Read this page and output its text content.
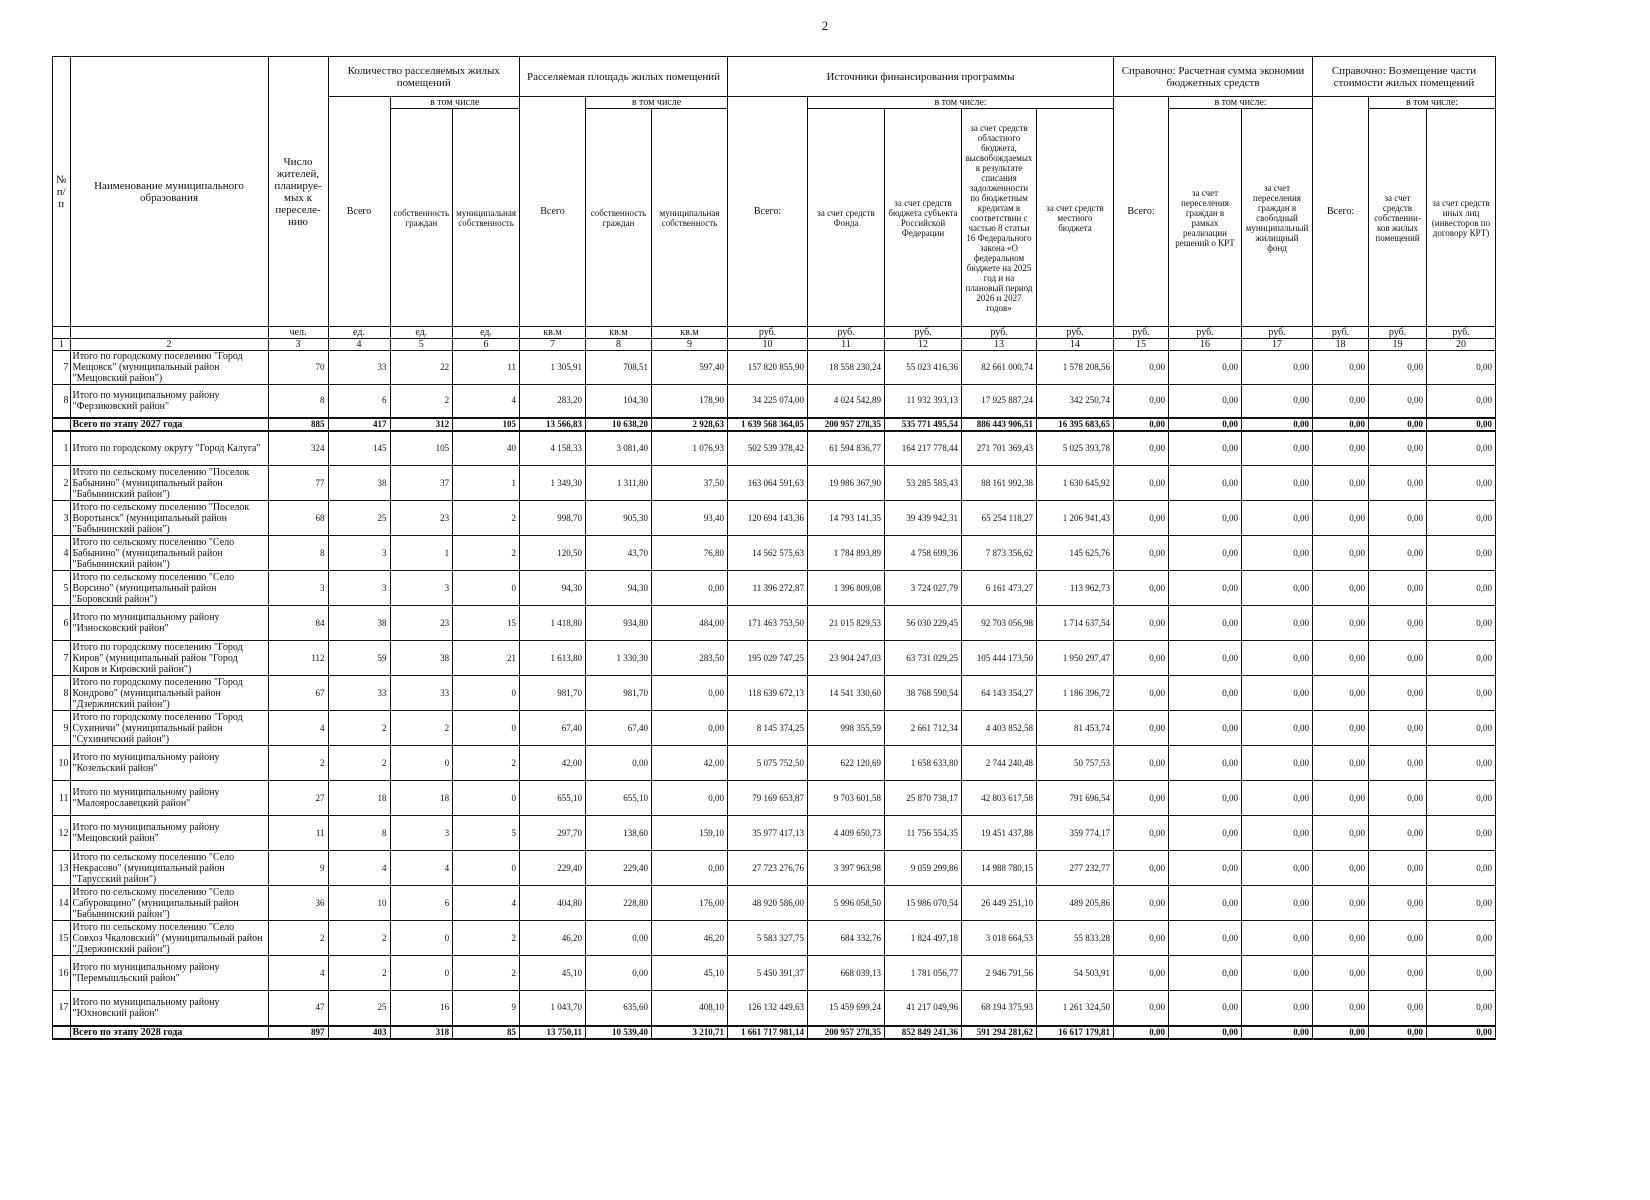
2
№ п/п	Наименование муниципального образования	Число жителей, планируе-мых к переселе-нию	Количество расселяемых жилых помещений			Расселяемая площадь жилых помещений			Источники финансирования программы					Справочно: Расчетная сумма экономии бюджетных средств			Справочно: Возмещение части стоимости жилых помещений		
			Всего	в том числе		Всего	в том числе		Всего:	в том числе:				Всего:	в том числе:		Всего:	в том числе:	
				собственность граждан	муниципальная собственность		собственность граждан	муниципальная собственность		за счет средств Фонда	за счет средств бюджета субъекта Российской Федерации	за счет средств областного бюджета, высвобождаемых в результате списания задолженности по бюджетным кредитам в соответствии с частью 8 статьи 16 Федерального закона «О федеральном бюджете на 2025 год и на плановый период 2026 и 2027 годов»	за счет средств местного бюджета		за счет переселения граждан в рамках реализации решений о КРТ	за счет переселения граждан в свободный муниципальный жилищный фонд		за счет средств собственни-ков жилых помещений	за счет средств иных лиц (инвесторов по договору КРТ)
		чел.	ед.	ед.	ед.	кв.м	кв.м	кв.м	руб.	руб.	руб.	руб.	руб.	руб.	руб.	руб.	руб.	руб.	руб.
1	2	3	4	5	6	7	8	9	10	11	12	13	14	15	16	17	18	19	20
7	Итого по городскому поселению "Город Мещовск" (муниципальный район "Мещовский район")	70	33	22	11	1 305,91	708,51	597,40	157 820 855,90	18 558 230,24	55 023 416,36	82 661 000,74	1 578 208,56	0,00	0,00	0,00	0,00	0,00	0,00
8	Итого по муниципальному району "Ферзиковский район"	8	6	2	4	283,20	104,30	178,90	34 225 074,00	4 024 542,89	11 932 393,13	17 925 887,24	342 250,74	0,00	0,00	0,00	0,00	0,00	0,00
	Всего по этапу 2027 года	885	417	312	105	13 566,83	10 638,20	2 928,63	1 639 568 364,05	200 957 278,35	535 771 495,54	886 443 906,51	16 395 683,65	0,00	0,00	0,00	0,00	0,00	0,00
1	Итого по городскому округу "Город Калуга"	324	145	105	40	4 158,33	3 081,40	1 076,93	502 539 378,42	61 594 836,77	164 217 778,44	271 701 369,43	5 025 393,78	0,00	0,00	0,00	0,00	0,00	0,00
2	Итого по сельскому поселению "Поселок Бабынино" (муниципальный район "Бабынинский район")	77	38	37	1	1 349,30	1 311,80	37,50	163 064 591,63	19 986 367,90	53 285 585,43	88 161 992,38	1 630 645,92	0,00	0,00	0,00	0,00	0,00	0,00
3	Итого по сельскому поселению "Поселок Воротынск" (муниципальный район "Бабынинский район")	68	25	23	2	998,70	905,30	93,40	120 694 143,36	14 793 141,35	39 439 942,31	65 254 118,27	1 206 941,43	0,00	0,00	0,00	0,00	0,00	0,00
4	Итого по сельскому поселению "Село Бабынино" (муниципальный район "Бабынинский район")	8	3	1	2	120,50	43,70	76,80	14 562 575,63	1 784 893,89	4 758 699,36	7 873 356,62	145 625,76	0,00	0,00	0,00	0,00	0,00	0,00
5	Итого по сельскому поселению "Село Ворсино" (муниципальный район "Боровский район")	3	3	3	0	94,30	94,30	0,00	11 396 272,87	1 396 809,08	3 724 027,79	6 161 473,27	113 962,73	0,00	0,00	0,00	0,00	0,00	0,00
6	Итого по муниципальному району "Износковский район"	84	38	23	15	1 418,80	934,80	484,00	171 463 753,50	21 015 829,53	56 030 229,45	92 703 056,98	1 714 637,54	0,00	0,00	0,00	0,00	0,00	0,00
7	Итого по городскому поселению "Город Киров" (муниципальный район "Город Киров и Кировский район")	112	59	38	21	1 613,80	1 330,30	283,50	195 029 747,25	23 904 247,03	63 731 029,25	105 444 173,50	1 950 297,47	0,00	0,00	0,00	0,00	0,00	0,00
8	Итого по городскому поселению "Город Кондрово" (муниципальный район "Дзержинский район")	67	33	33	0	981,70	981,70	0,00	118 639 672,13	14 541 330,60	38 768 590,54	64 143 354,27	1 186 396,72	0,00	0,00	0,00	0,00	0,00	0,00
9	Итого по городскому поселению "Город Сухиничи" (муниципальный район "Сухиничский район")	4	2	2	0	67,40	67,40	0,00	8 145 374,25	998 355,59	2 661 712,34	4 403 852,58	81 453,74	0,00	0,00	0,00	0,00	0,00	0,00
10	Итого по муниципальному району "Козельский район"	2	2	0	2	42,00	0,00	42,00	5 075 752,50	622 120,69	1 658 633,80	2 744 240,48	50 757,53	0,00	0,00	0,00	0,00	0,00	0,00
11	Итого по муниципальному району "Малоярославецкий район"	27	18	18	0	655,10	655,10	0,00	79 169 653,87	9 703 601,58	25 870 738,17	42 803 617,58	791 696,54	0,00	0,00	0,00	0,00	0,00	0,00
12	Итого по муниципальному району "Мещовский район"	11	8	3	5	297,70	138,60	159,10	35 977 417,13	4 409 650,73	11 756 554,35	19 451 437,88	359 774,17	0,00	0,00	0,00	0,00	0,00	0,00
13	Итого по сельскому поселению "Село Некрасово" (муниципальный район "Тарусский район")	9	4	4	0	229,40	229,40	0,00	27 723 276,76	3 397 963,98	9 059 299,86	14 988 780,15	277 232,77	0,00	0,00	0,00	0,00	0,00	0,00
14	Итого по сельскому поселению "Село Сабуровщино" (муниципальный район "Бабынинский район")	36	10	6	4	404,80	228,80	176,00	48 920 586,00	5 996 058,50	15 986 070,54	26 449 251,10	489 205,86	0,00	0,00	0,00	0,00	0,00	0,00
15	Итого по сельскому поселению "Село Совхоз Чкаловский" (муниципальный район "Дзержинский район")	2	2	0	2	46,20	0,00	46,20	5 583 327,75	684 332,76	1 824 497,18	3 018 664,53	55 833,28	0,00	0,00	0,00	0,00	0,00	0,00
16	Итого по муниципальному району "Перемышльский район"	4	2	0	2	45,10	0,00	45,10	5 450 391,37	668 039,13	1 781 056,77	2 946 791,56	54 503,91	0,00	0,00	0,00	0,00	0,00	0,00
17	Итого по муниципальному району "Юхновский район"	47	25	16	9	1 043,70	635,60	408,10	126 132 449,63	15 459 699,24	41 217 049,96	68 194 375,93	1 261 324,50	0,00	0,00	0,00	0,00	0,00	0,00
	Всего по этапу 2028 года	897	403	318	85	13 750,11	10 539,40	3 210,71	1 661 717 981,14	200 957 278,35	852 849 241,36	591 294 281,62	16 617 179,81	0,00	0,00	0,00	0,00	0,00	0,00
